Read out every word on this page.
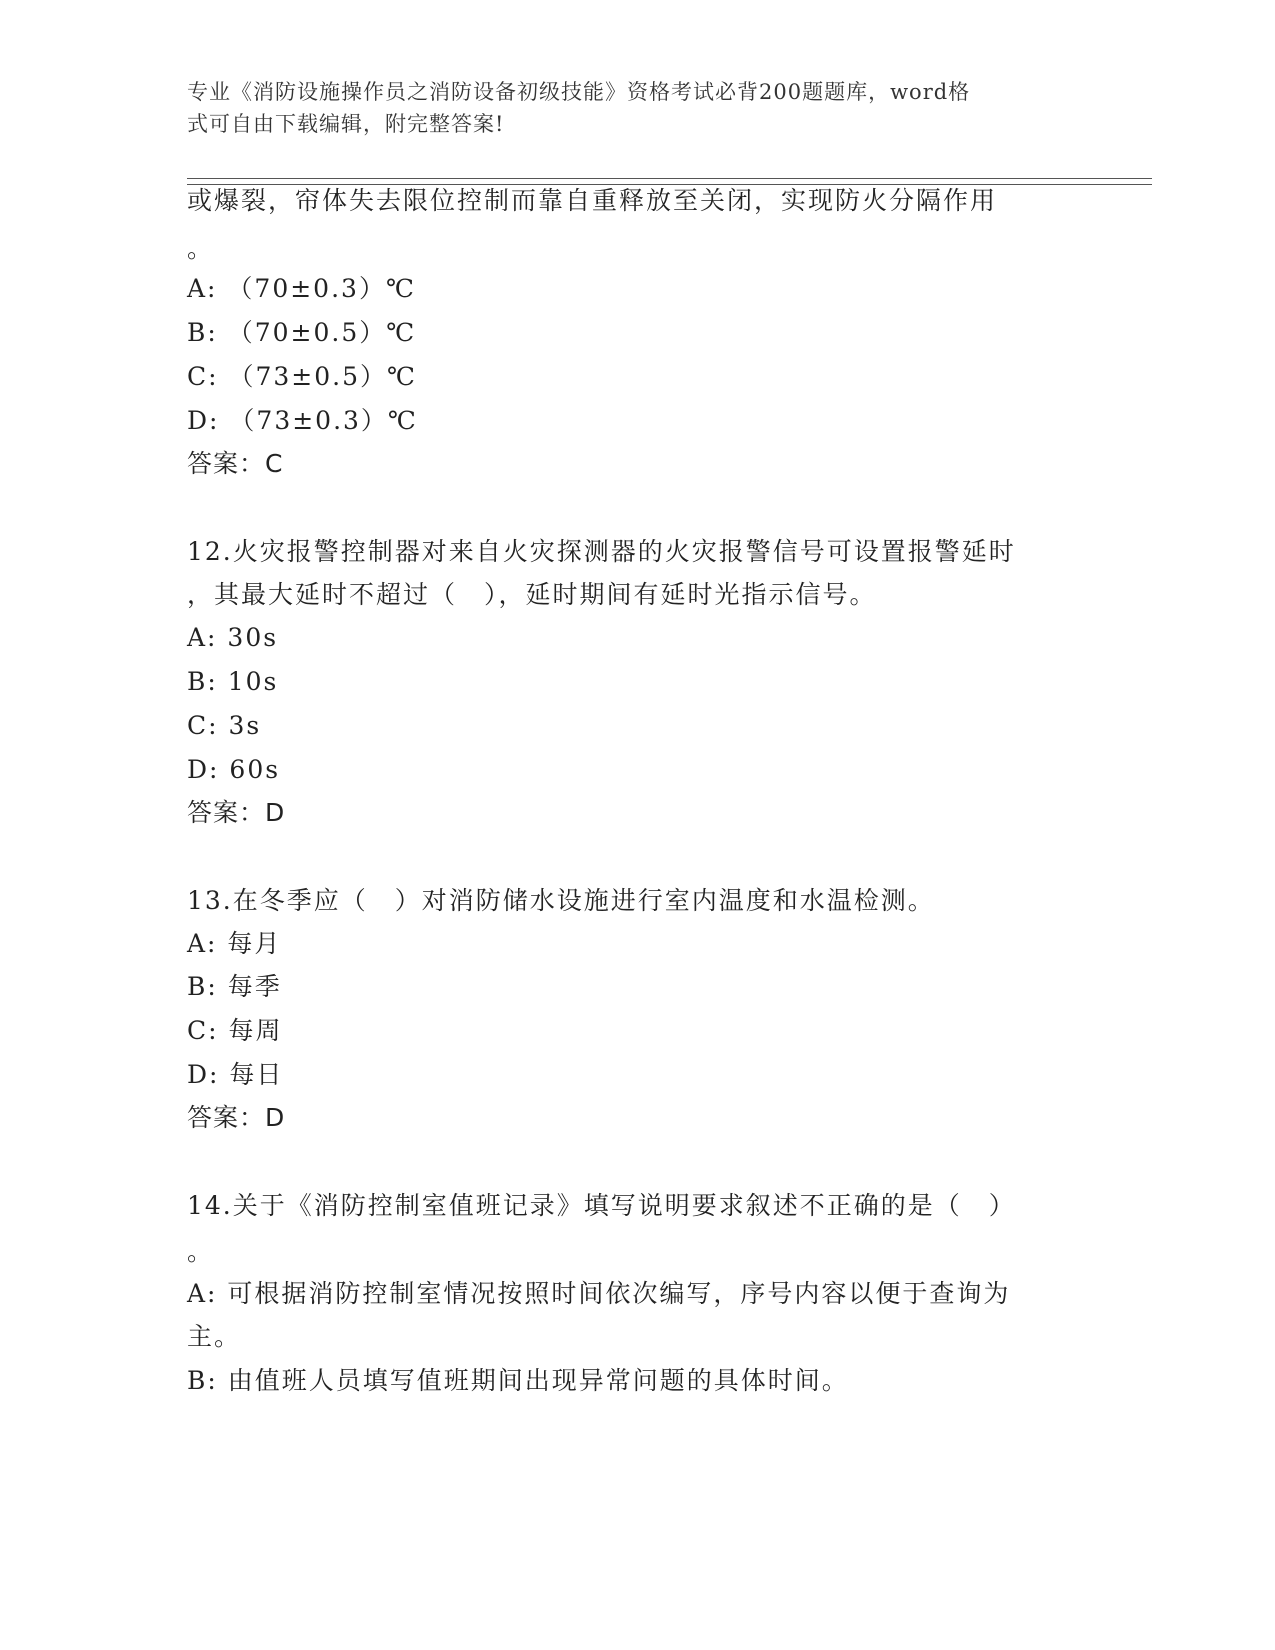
专业《消防设施操作员之消防设备初级技能》资格考试必背200题题库，word格
式可自由下载编辑，附完整答案!
或爆裂，帘体失去限位控制而靠自重释放至关闭，实现防火分隔作用
。
A: （70±0.3）℃
B: （70±0.5）℃
C: （73±0.5）℃
D: （73±0.3）℃
答案：C
12.火灾报警控制器对来自火灾探测器的火灾报警信号可设置报警延时
，其最大延时不超过（　），延时期间有延时光指示信号。
A: 30s
B: 10s
C: 3s
D: 60s
答案：D
13.在冬季应（　）对消防储水设施进行室内温度和水温检测。
A: 每月
B: 每季
C: 每周
D: 每日
答案：D
14.关于《消防控制室值班记录》填写说明要求叙述不正确的是（　）
。
A: 可根据消防控制室情况按照时间依次编写，序号内容以便于查询为
主。
B: 由值班人员填写值班期间出现异常问题的具体时间。
